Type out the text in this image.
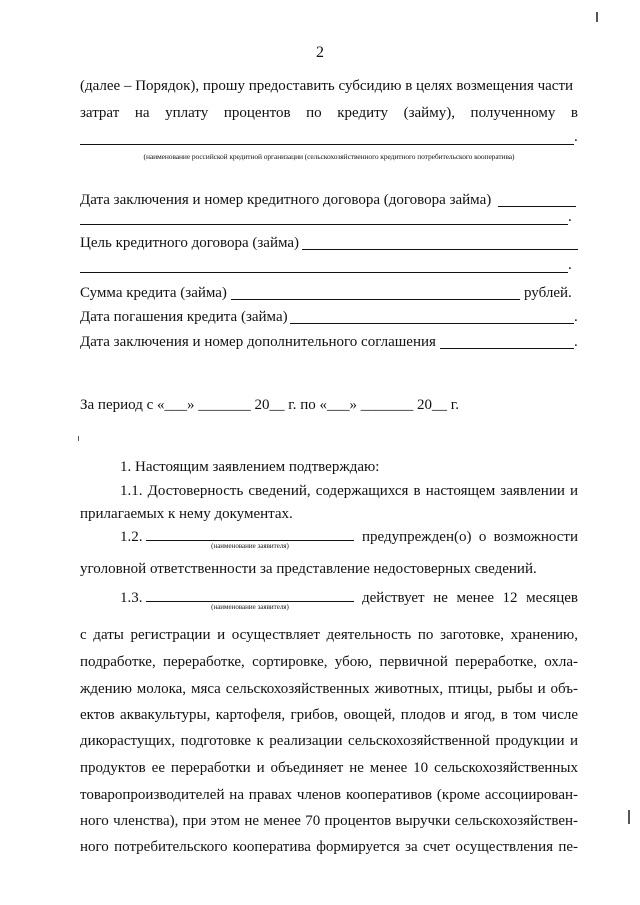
2
(далее – Порядок), прошу предоставить субсидию в целях возмещения части
затрат на уплату процентов по кредиту (займу), полученному в
.
(наименование российской кредитной организации (сельскохозяйственного кредитного потребительского кооператива)
Дата заключения и номер кредитного договора (договора займа)
.
Цель кредитного договора (займа)
.
Сумма кредита (займа)	рублей.
Дата погашения кредита (займа)	.
Дата заключения и номер дополнительного соглашения	.
За период с «___» _______ 20__ г. по «___» _______ 20__ г.
1. Настоящим заявлением подтверждаю:
1.1. Достоверность сведений, содержащихся в настоящем заявлении и
прилагаемых к нему документах.
1.2.
(наименование заявителя)
предупрежден(о) о возможности
уголовной ответственности за представление недостоверных сведений.
1.3.
(наименование заявителя)
действует не менее 12 месяцев
с даты регистрации и осуществляет деятельность по заготовке, хранению,
подработке, переработке, сортировке, убою, первичной переработке, охла-
ждению молока, мяса сельскохозяйственных животных, птицы, рыбы и объ-
ектов аквакультуры, картофеля, грибов, овощей, плодов и ягод, в том числе
дикорастущих, подготовке к реализации сельскохозяйственной продукции и
продуктов ее переработки и объединяет не менее 10 сельскохозяйственных
товаропроизводителей на правах членов кооперативов (кроме ассоциирован-
ного членства), при этом не менее 70 процентов выручки сельскохозяйствен-
ного потребительского кооператива формируется за счет осуществления пе-
